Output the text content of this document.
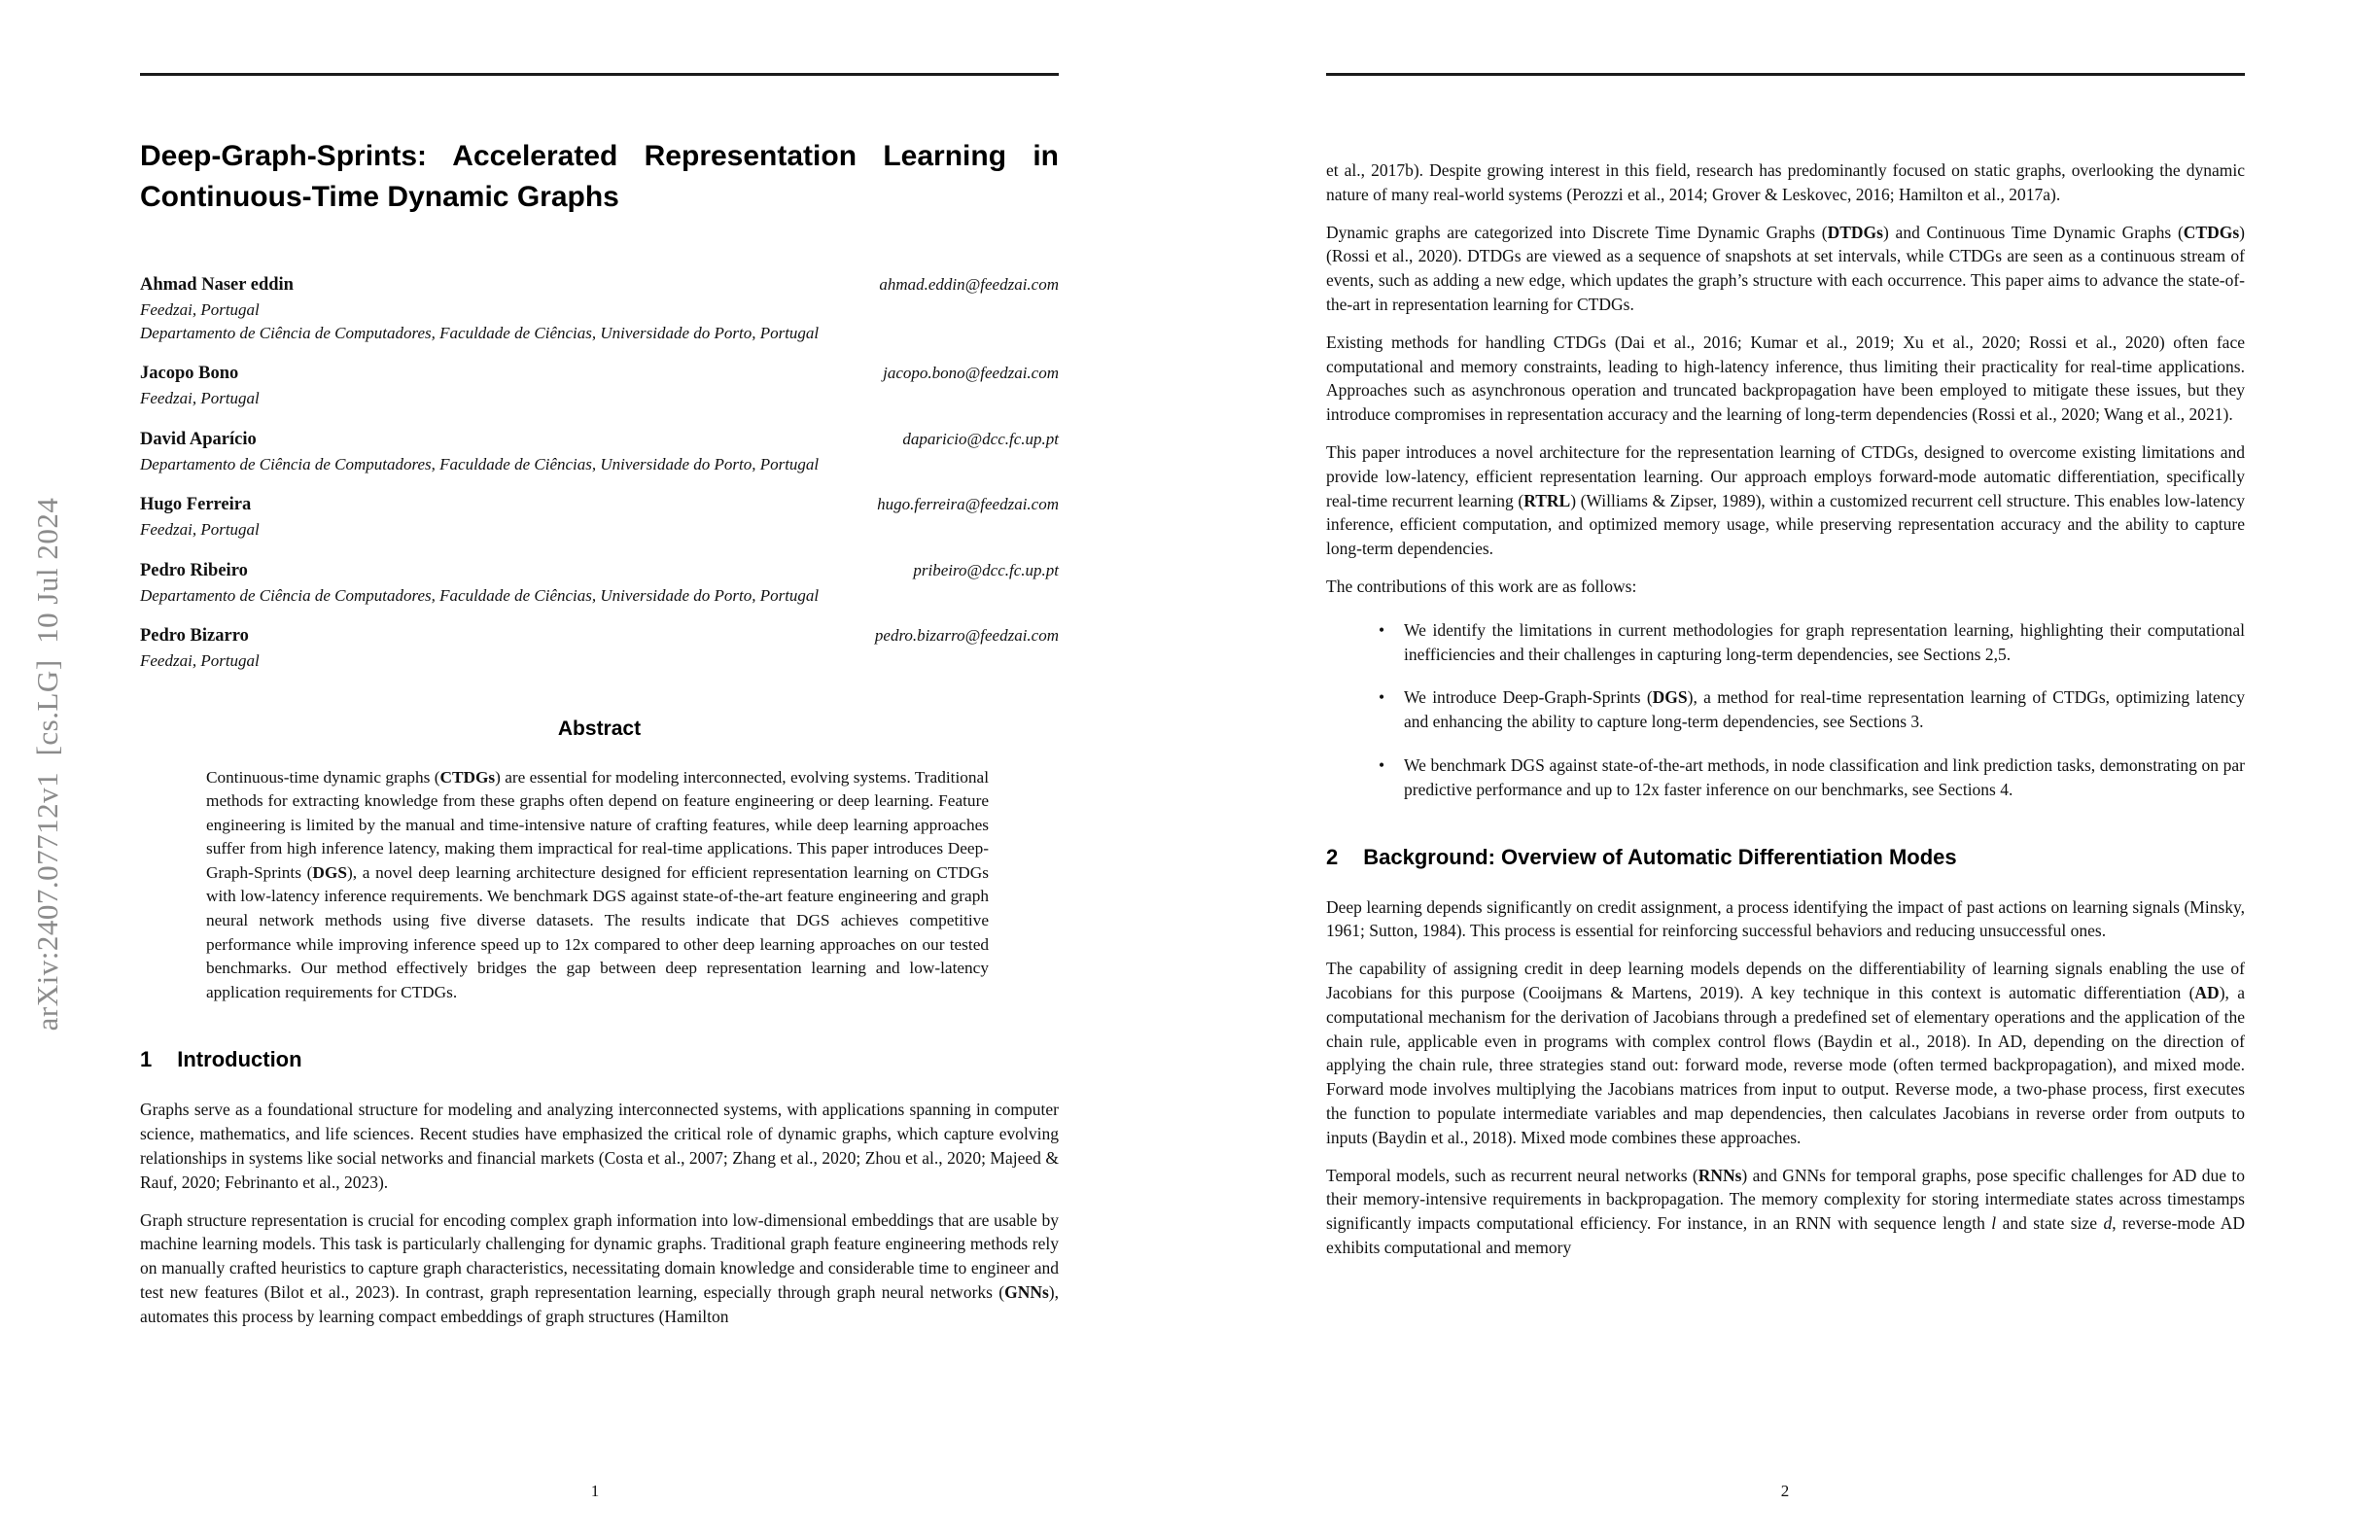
Deep-Graph-Sprints: Accelerated Representation Learning in Continuous-Time Dynamic Graphs
Ahmad Naser eddin	ahmad.eddin@feedzai.com
Feedzai, Portugal
Departamento de Ciência de Computadores, Faculdade de Ciências, Universidade do Porto, Portugal
Jacopo Bono	jacopo.bono@feedzai.com
Feedzai, Portugal
David Aparício	daparicio@dcc.fc.up.pt
Departamento de Ciência de Computadores, Faculdade de Ciências, Universidade do Porto, Portugal
Hugo Ferreira	hugo.ferreira@feedzai.com
Feedzai, Portugal
Pedro Ribeiro	pribeiro@dcc.fc.up.pt
Departamento de Ciência de Computadores, Faculdade de Ciências, Universidade do Porto, Portugal
Pedro Bizarro	pedro.bizarro@feedzai.com
Feedzai, Portugal
Abstract
Continuous-time dynamic graphs (CTDGs) are essential for modeling interconnected, evolving systems. Traditional methods for extracting knowledge from these graphs often depend on feature engineering or deep learning. Feature engineering is limited by the manual and time-intensive nature of crafting features, while deep learning approaches suffer from high inference latency, making them impractical for real-time applications. This paper introduces Deep-Graph-Sprints (DGS), a novel deep learning architecture designed for efficient representation learning on CTDGs with low-latency inference requirements. We benchmark DGS against state-of-the-art feature engineering and graph neural network methods using five diverse datasets. The results indicate that DGS achieves competitive performance while improving inference speed up to 12x compared to other deep learning approaches on our tested benchmarks. Our method effectively bridges the gap between deep representation learning and low-latency application requirements for CTDGs.
1 Introduction

Graphs serve as a foundational structure for modeling and analyzing interconnected systems, with applications spanning in computer science, mathematics, and life sciences. Recent studies have emphasized the critical role of dynamic graphs, which capture evolving relationships in systems like social networks and financial markets (Costa et al., 2007; Zhang et al., 2020; Zhou et al., 2020; Majeed & Rauf, 2020; Febrinanto et al., 2023).

Graph structure representation is crucial for encoding complex graph information into low-dimensional embeddings that are usable by machine learning models. This task is particularly challenging for dynamic graphs. Traditional graph feature engineering methods rely on manually crafted heuristics to capture graph characteristics, necessitating domain knowledge and considerable time to engineer and test new features (Bilot et al., 2023). In contrast, graph representation learning, especially through graph neural networks (GNNs), automates this process by learning compact embeddings of graph structures (Hamilton

1

et al., 2017b). Despite growing interest in this field, research has predominantly focused on static graphs, overlooking the dynamic nature of many real-world systems (Perozzi et al., 2014; Grover & Leskovec, 2016; Hamilton et al., 2017a).

Dynamic graphs are categorized into Discrete Time Dynamic Graphs (DTDGs) and Continuous Time Dynamic Graphs (CTDGs) (Rossi et al., 2020). DTDGs are viewed as a sequence of snapshots at set intervals, while CTDGs are seen as a continuous stream of events, such as adding a new edge, which updates the graph’s structure with each occurrence. This paper aims to advance the state-of-the-art in representation learning for CTDGs.

Existing methods for handling CTDGs (Dai et al., 2016; Kumar et al., 2019; Xu et al., 2020; Rossi et al., 2020) often face computational and memory constraints, leading to high-latency inference, thus limiting their practicality for real-time applications. Approaches such as asynchronous operation and truncated backpropagation have been employed to mitigate these issues, but they introduce compromises in representation accuracy and the learning of long-term dependencies (Rossi et al., 2020; Wang et al., 2021).

This paper introduces a novel architecture for the representation learning of CTDGs, designed to overcome existing limitations and provide low-latency, efficient representation learning. Our approach employs forward-mode automatic differentiation, specifically real-time recurrent learning (RTRL) (Williams & Zipser, 1989), within a customized recurrent cell structure. This enables low-latency inference, efficient computation, and optimized memory usage, while preserving representation accuracy and the ability to capture long-term dependencies.

The contributions of this work are as follows:

• We identify the limitations in current methodologies for graph representation learning, highlighting their computational inefficiencies and their challenges in capturing long-term dependencies, see Sections 2,5.
• We introduce Deep-Graph-Sprints (DGS), a method for real-time representation learning of CTDGs, optimizing latency and enhancing the ability to capture long-term dependencies, see Sections 3.
• We benchmark DGS against state-of-the-art methods, in node classification and link prediction tasks, demonstrating on par predictive performance and up to 12x faster inference on our benchmarks, see Sections 4.
2 Background: Overview of Automatic Differentiation Modes

Deep learning depends significantly on credit assignment, a process identifying the impact of past actions on learning signals (Minsky, 1961; Sutton, 1984). This process is essential for reinforcing successful behaviors and reducing unsuccessful ones.

The capability of assigning credit in deep learning models depends on the differentiability of learning signals enabling the use of Jacobians for this purpose (Cooijmans & Martens, 2019). A key technique in this context is automatic differentiation (AD), a computational mechanism for the derivation of Jacobians through a predefined set of elementary operations and the application of the chain rule, applicable even in programs with complex control flows (Baydin et al., 2018). In AD, depending on the direction of applying the chain rule, three strategies stand out: forward mode, reverse mode (often termed backpropagation), and mixed mode. Forward mode involves multiplying the Jacobians matrices from input to output. Reverse mode, a two-phase process, first executes the function to populate intermediate variables and map dependencies, then calculates Jacobians in reverse order from outputs to inputs (Baydin et al., 2018). Mixed mode combines these approaches.

Temporal models, such as recurrent neural networks (RNNs) and GNNs for temporal graphs, pose specific challenges for AD due to their memory-intensive requirements in backpropagation. The memory complexity for storing intermediate states across timestamps significantly impacts computational efficiency. For instance, in an RNN with sequence length l and state size d, reverse-mode AD exhibits computational and memory

2
arXiv:2407.07712v1  [cs.LG]  10 Jul 2024
